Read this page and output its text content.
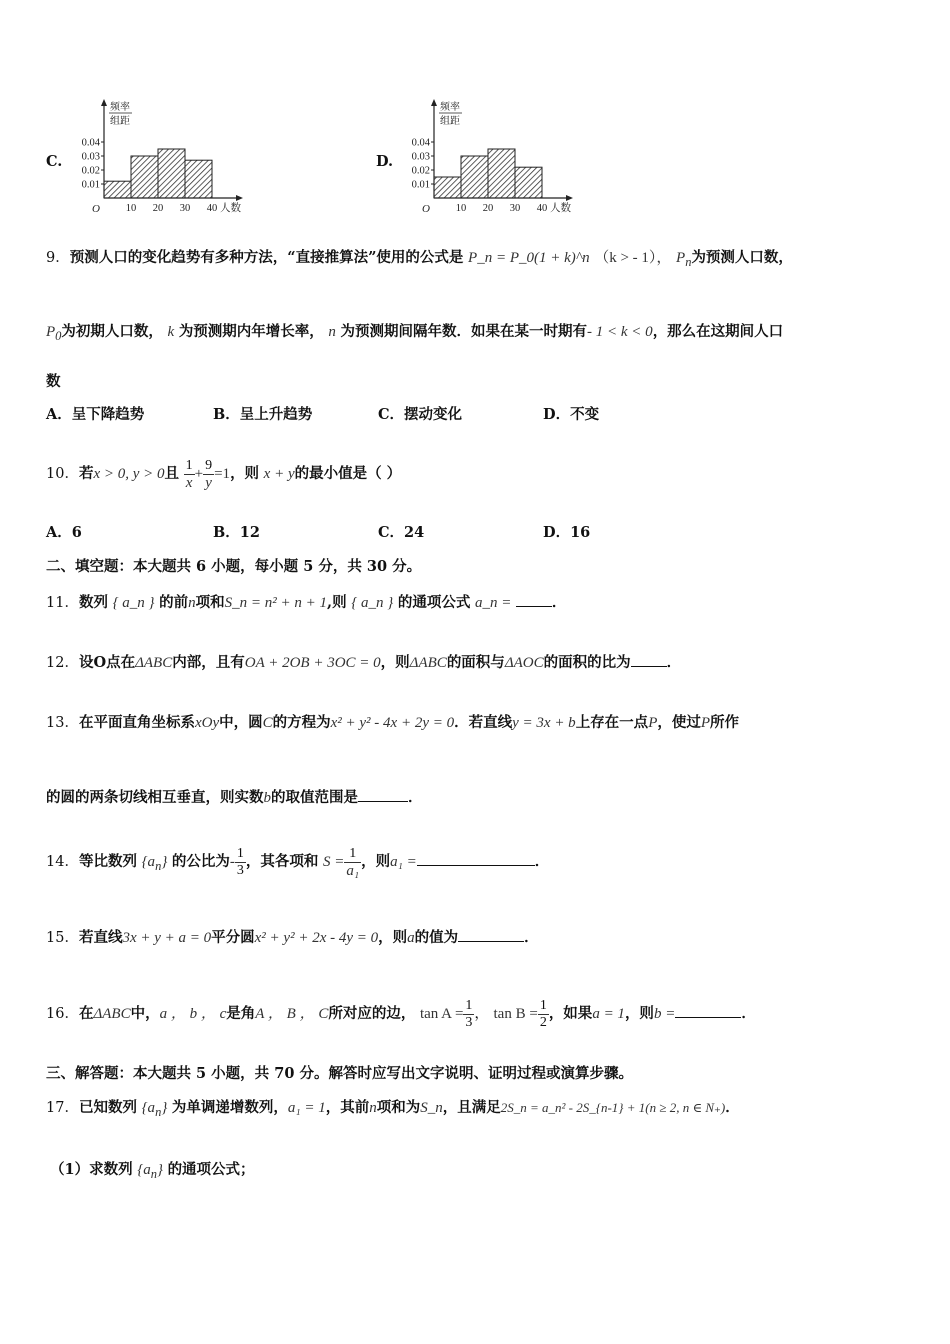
C.
频率
组距
0.04
0.03
0.02
0.01
10 20 30 40
O	人数
D.
频率
组距
0.04
0.03
0.02
0.01
10 20 30 40
O	人数
9．预测人口的变化趋势有多种方法，“直接推算法”使用的公式是 P_n = P_0(1 + k)^n （k > - 1）， $P_n$为预测人口数，
$P_0$为初期人口数， k 为预测期内年增长率， n 为预测期间隔年数．如果在某一时期有- 1 < k < 0，那么在这期间人口
数
A．呈下降趋势	B．呈上升趋势	C．摆动变化	D．不变
10．若x > 0, y > 0且 $\frac{1}{x} + \frac{9}{y} =1$，则 x + y的最小值是（ ）
A．6	B．12	C．24	D．16
二、填空题：本大题共 6 小题，每小题 5 分，共 30 分。
11．数列 { a_n } 的前n项和S_n = n² + n + 1,则 { a_n } 的通项公式 a_n =	．
12．设O点在ΔABC内部，且有OA + 2OB + 3OC = 0，则ΔABC的面积与ΔAOC的面积的比为 ．
13．在平面直角坐标系xOy中，圆C的方程为x² + y² - 4x + 2y = 0．若直线y = 3x + b上存在一点P，使过P所作
的圆的两条切线相互垂直，则实数b的取值范围是	．
14．等比数列 $\{a_n\}$ 的公比为- $\frac{1}{3}$ ，其各项和 $S = \frac{1}{\text{a₁}}$ ，则a₁ =	．
15．若直线3x + y + a = 0平分圆x² + y² + 2x - 4y = 0，则a的值为	．
16．在ΔABC中，a ， b ， c是角A ， B ， C所对应的边， $\tan A = \frac{1}{3}$ ， $\tan B = \frac{1}{2}$ ，如果a = 1，则b =	．
三、解答题：本大题共 5 小题，共 70 分。解答时应写出文字说明、证明过程或演算步骤。
17．已知数列 $\{a_n\}$ 为单调递增数列，a₁ = 1，其前n项和为S_n，且满足2S_n = a_n² - 2S_{n-1} + 1(n ≥ 2, n ∈ N₊)．
（1）求数列 $\{a_n\}$ 的通项公式；
